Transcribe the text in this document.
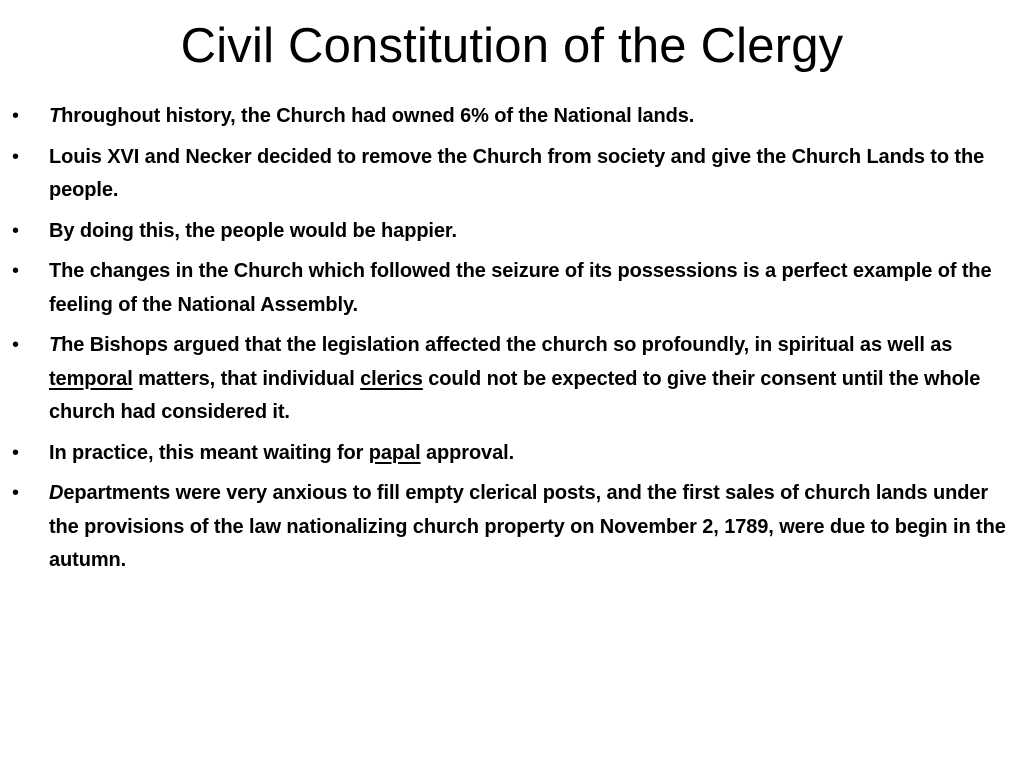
Civil Constitution of the Clergy
• Throughout history, the Church had owned 6% of the National lands.
• Louis XVI and Necker decided to remove the Church from society and give the Church Lands to the people.
• By doing this, the people would be happier.
• The changes in the Church which followed the seizure of its possessions is a perfect example of the feeling of the National Assembly.
• The Bishops argued that the legislation affected the church so profoundly, in spiritual as well as temporal matters, that individual clerics could not be expected to give their consent until the whole church had considered it.
• In practice, this meant waiting for papal approval.
• Departments were very anxious to fill empty clerical posts, and the first sales of church lands under the provisions of the law nationalizing church property on November 2, 1789, were due to begin in the autumn.
